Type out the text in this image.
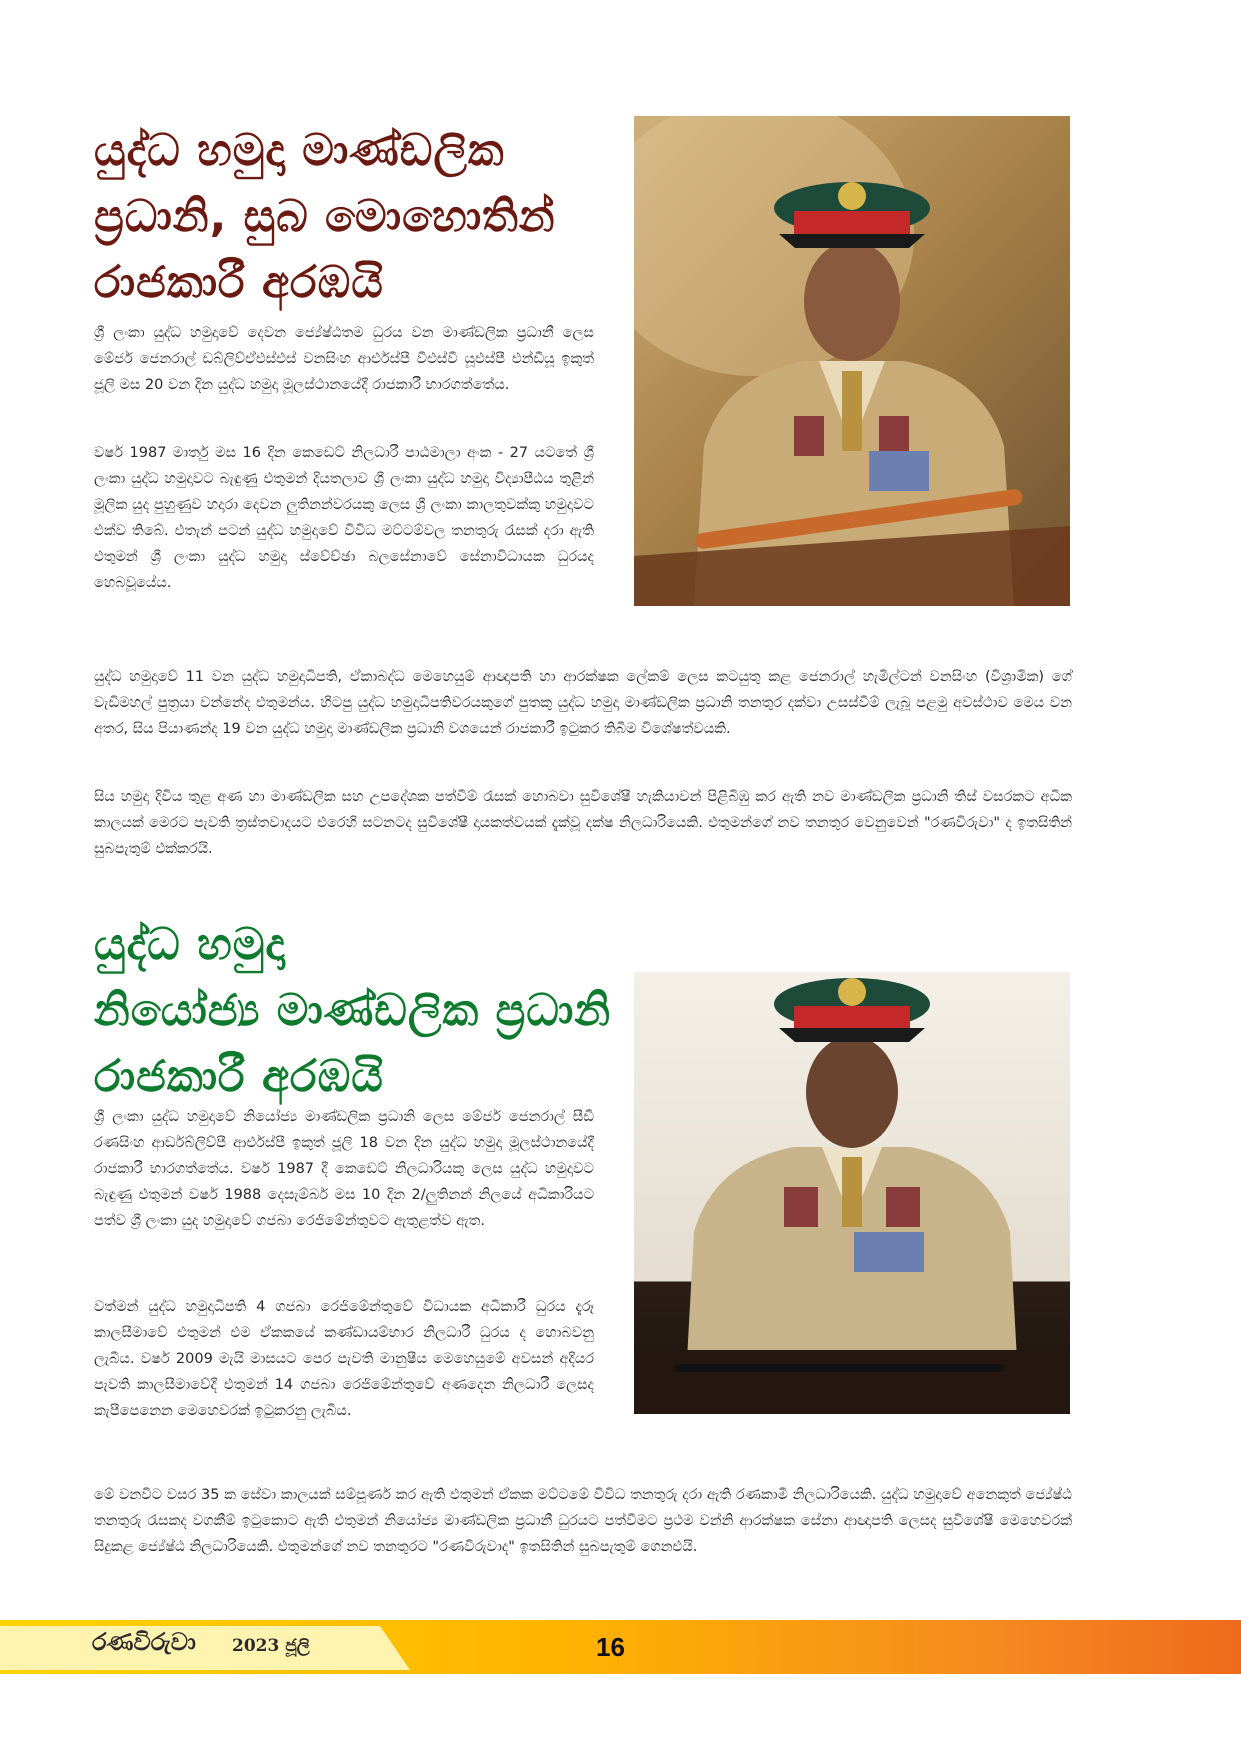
යුද්ධ හමුදා මාණ්ඩලික
ප්‍රධානි, සුබ මොහොතින්
රාජකාරී අරඹයි

ශ්‍රී ලංකා යුද්ධ හමුදාවේ දෙවන ජ්‍යේෂ්ඨතම ධුරය වන මාණ්ඩලික ප්‍රධානී ලෙස මේජර් ජෙනරාල් ඩබ්ලිව්ඒඑස්එස් වනසිංහ ආර්එස්පී වීඑස්වී යූඑස්පී එන්ඩීයූ ඉකුත් ජූලි මස 20 වන දින යුද්ධ හමුදා මූලස්ථානයේදී රාජකාරී භාරගත්තේය.

වර්ෂ 1987 මාර්තු මස 16 දින කෙඩෙට් නිලධාරී පාඨමාලා අංක - 27 යටතේ ශ්‍රී ලංකා යුද්ධ හමුදාවට බැඳුණු එතුමන් දියතලාව ශ්‍රී ලංකා යුද්ධ හමුදා විද්‍යාපීඨය තුළින් මූලික යුද පුහුණුව හදාරා දෙවන ලුතිනන්වරයකු ලෙස ශ්‍රී ලංකා කාලතුවක්කු හමුදාවට එක්ව තිබේ. එතැන් පටන් යුද්ධ හමුදාවේ විවිධ මට්ටම්වල තනතුරු රැසක් දරා ඇති එතුමන් ශ්‍රී ලංකා යුද්ධ හමුදා ස්වේච්ඡා බලසේනාවේ සේනාවිධායක ධුරයද හෙබවූයේය.

යුද්ධ හමුදාවේ 11 වන යුද්ධ හමුදාධිපති, ඒකාබද්ධ මෙහෙයුම් ආඥාපති හා ආරක්ෂක ලේකම් ලෙස කටයුතු කළ ජෙනරාල් හැමිල්ටන් වනසිංහ (විශ්‍රාමික) ගේ වැඩිමහල් පුත්‍රයා වන්නේද එතුමන්ය. හිටපු යුද්ධ හමුදාධිපතිවරයකුගේ පුතකු යුද්ධ හමුදා මාණ්ඩලික ප්‍රධානි තනතුර දක්වා උසස්වීම් ලැබූ පළමු අවස්ථාව මෙය වන අතර, සිය පියාණන්ද 19 වන යුද්ධ හමුදා මාණ්ඩලික ප්‍රධානි වශයෙන් රාජකාරී ඉටුකර තිබීම විශේෂත්වයකි.

සිය හමුදා දිවිය තුළ අණ හා මාණ්ඩලික සහ උපදේශක පත්වීම් රැසක් හොබවා සුවිශේෂී හැකියාවන් පිළිබිඹු කර ඇති නව මාණ්ඩලික ප්‍රධානි තිස් වසරකට අධික කාලයක් මෙරට පැවති ත්‍රස්තවාදයට එරෙහි සටනටද සුවිශේෂී දායකත්වයක් දැක්වූ දක්ෂ නිලධාරියෙකි. එතුමන්ගේ නව තනතුර වෙනුවෙන් "රණවිරුවා" ද ඉතසිතින් සුබපැතුම් එක්කරයි.

යුද්ධ හමුදා
නියෝජ්‍ය මාණ්ඩලික ප්‍රධානි
රාජකාරී අරඹයි

ශ්‍රී ලංකා යුද්ධ හමුදාවේ නියෝජ්‍ය මාණ්ඩලික ප්‍රධානි ලෙස මේජර් ජෙනරාල් සීඩී රණසිංහ ආර්ඩබ්ලිව්පී ආර්එස්පී ඉකුත් ජූලි 18 වන දින යුද්ධ හමුදා මූලස්ථානයේදී රාජකාරී භාරගත්තේය. වර්ෂ 1987 දී කෙඩෙට් නිලධාරියකු ලෙස යුද්ධ හමුදාවට බැඳුණු එතුමන් වර්ෂ 1988 දෙසැම්බර් මස 10 දින 2/ලුතිනන් නිලයේ අධිකාරියට පත්ව ශ්‍රී ලංකා යුද හමුදාවේ ගජබා රෙජිමේන්තුවට ඇතුළත්ව ඇත.

වත්මන් යුද්ධ හමුදාධිපති 4 ගජබා රෙජිමේන්තුවේ විධායක අධිකාරී ධුරය දැරූ කාලසීමාවේ එතුමන් එම ඒකකයේ කණ්ඩායම්භාර නිලධාරී ධුරය ද හොබවනු ලැබීය. වර්ෂ 2009 මැයි මාසයට පෙර පැවති මානුෂීය මෙහෙයුමේ අවසන් අදියර පැවති කාලසීමාවේදී එතුමන් 14 ගජබා රෙජිමේන්තුවේ අණදෙන නිලධාරී ලෙසද කැපීපෙනෙන මෙහෙවරක් ඉටුකරනු ලැබීය.

මේ වනවිට වසර 35 ක සේවා කාලයක් සම්පූර්ණ කර ඇති එතුමන් ඒකක මට්ටමේ විවිධ තනතුරු දරා ඇති රණකාමී නිලධාරියෙකි. යුද්ධ හමුදාවේ අනෙකුත් ජ්‍යේෂ්ඨ තනතුරු රැසකද වගකීම් ඉටුකොට ඇති එතුමන් නියෝජ්‍ය මාණ්ඩලික ප්‍රධානී ධුරයට පත්වීමට ප්‍රථම වන්නි ආරක්ෂක සේනා ආඥාපති ලෙසද සුවිශේෂී මෙහෙවරක් සිදුකළ ජ්‍යේෂ්ඨ නිලධාරියෙකි. එතුමන්ගේ නව තනතුරට "රණවිරුවාද" ඉතසිතින් සුබපැතුම් ගෙනඑයි.

රණවිරුවා 2023 ජූලි	16
